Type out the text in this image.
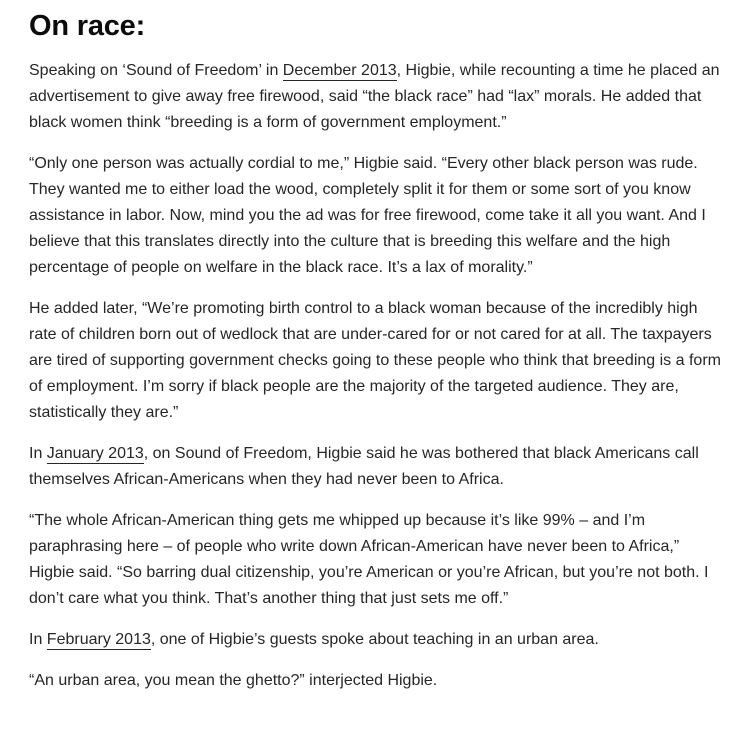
On race:

Speaking on ‘Sound of Freedom’ in December 2013, Higbie, while recounting a time he placed an advertisement to give away free firewood, said “the black race” had “lax” morals. He added that black women think “breeding is a form of government employment.”

“Only one person was actually cordial to me,” Higbie said. “Every other black person was rude. They wanted me to either load the wood, completely split it for them or some sort of you know assistance in labor. Now, mind you the ad was for free firewood, come take it all you want. And I believe that this translates directly into the culture that is breeding this welfare and the high percentage of people on welfare in the black race. It’s a lax of morality.”

He added later, “We’re promoting birth control to a black woman because of the incredibly high rate of children born out of wedlock that are under-cared for or not cared for at all. The taxpayers are tired of supporting government checks going to these people who think that breeding is a form of employment. I’m sorry if black people are the majority of the targeted audience. They are, statistically they are.”

In January 2013, on Sound of Freedom, Higbie said he was bothered that black Americans call themselves African-Americans when they had never been to Africa.

“The whole African-American thing gets me whipped up because it’s like 99% – and I’m paraphrasing here – of people who write down African-American have never been to Africa,” Higbie said. “So barring dual citizenship, you’re American or you’re African, but you’re not both. I don’t care what you think. That’s another thing that just sets me off.”

In February 2013, one of Higbie’s guests spoke about teaching in an urban area.

“An urban area, you mean the ghetto?” interjected Higbie.
